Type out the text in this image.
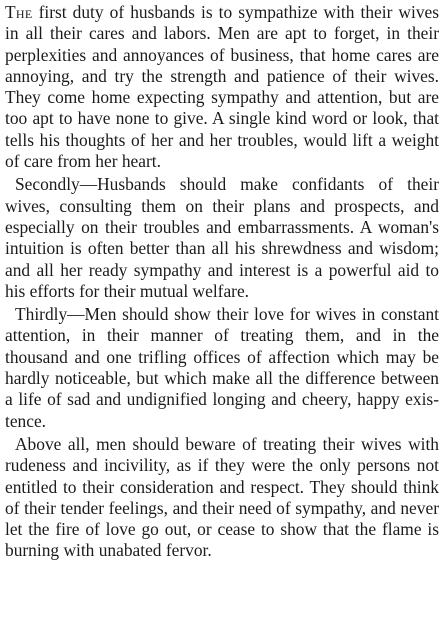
The first duty of husbands is to sympathize with their wives in all their cares and labors. Men are apt to forget, in their perplexities and annoyances of business, that home cares are annoying, and try the strength and patience of their wives. They come home expecting sympathy and attention, but are too apt to have none to give. A single kind word or look, that tells his thoughts of her and her troubles, would lift a weight of care from her heart.

Secondly—Husbands should make confidants of their wives, consulting them on their plans and prospects, and especially on their troubles and embarrassments. A woman's intuition is often better than all his shrewdness and wisdom; and all her ready sympathy and interest is a powerful aid to his efforts for their mutual welfare.

Thirdly—Men should show their love for wives in constant attention, in their manner of treating them, and in the thousand and one trifling offices of affection which may be hardly noticeable, but which make all the difference between a life of sad and undignified longing and cheery, happy existence.

Above all, men should beware of treating their wives with rudeness and incivility, as if they were the only persons not entitled to their consideration and respect. They should think of their tender feelings, and their need of sympathy, and never let the fire of love go out, or cease to show that the flame is burning with unabated fervor.
